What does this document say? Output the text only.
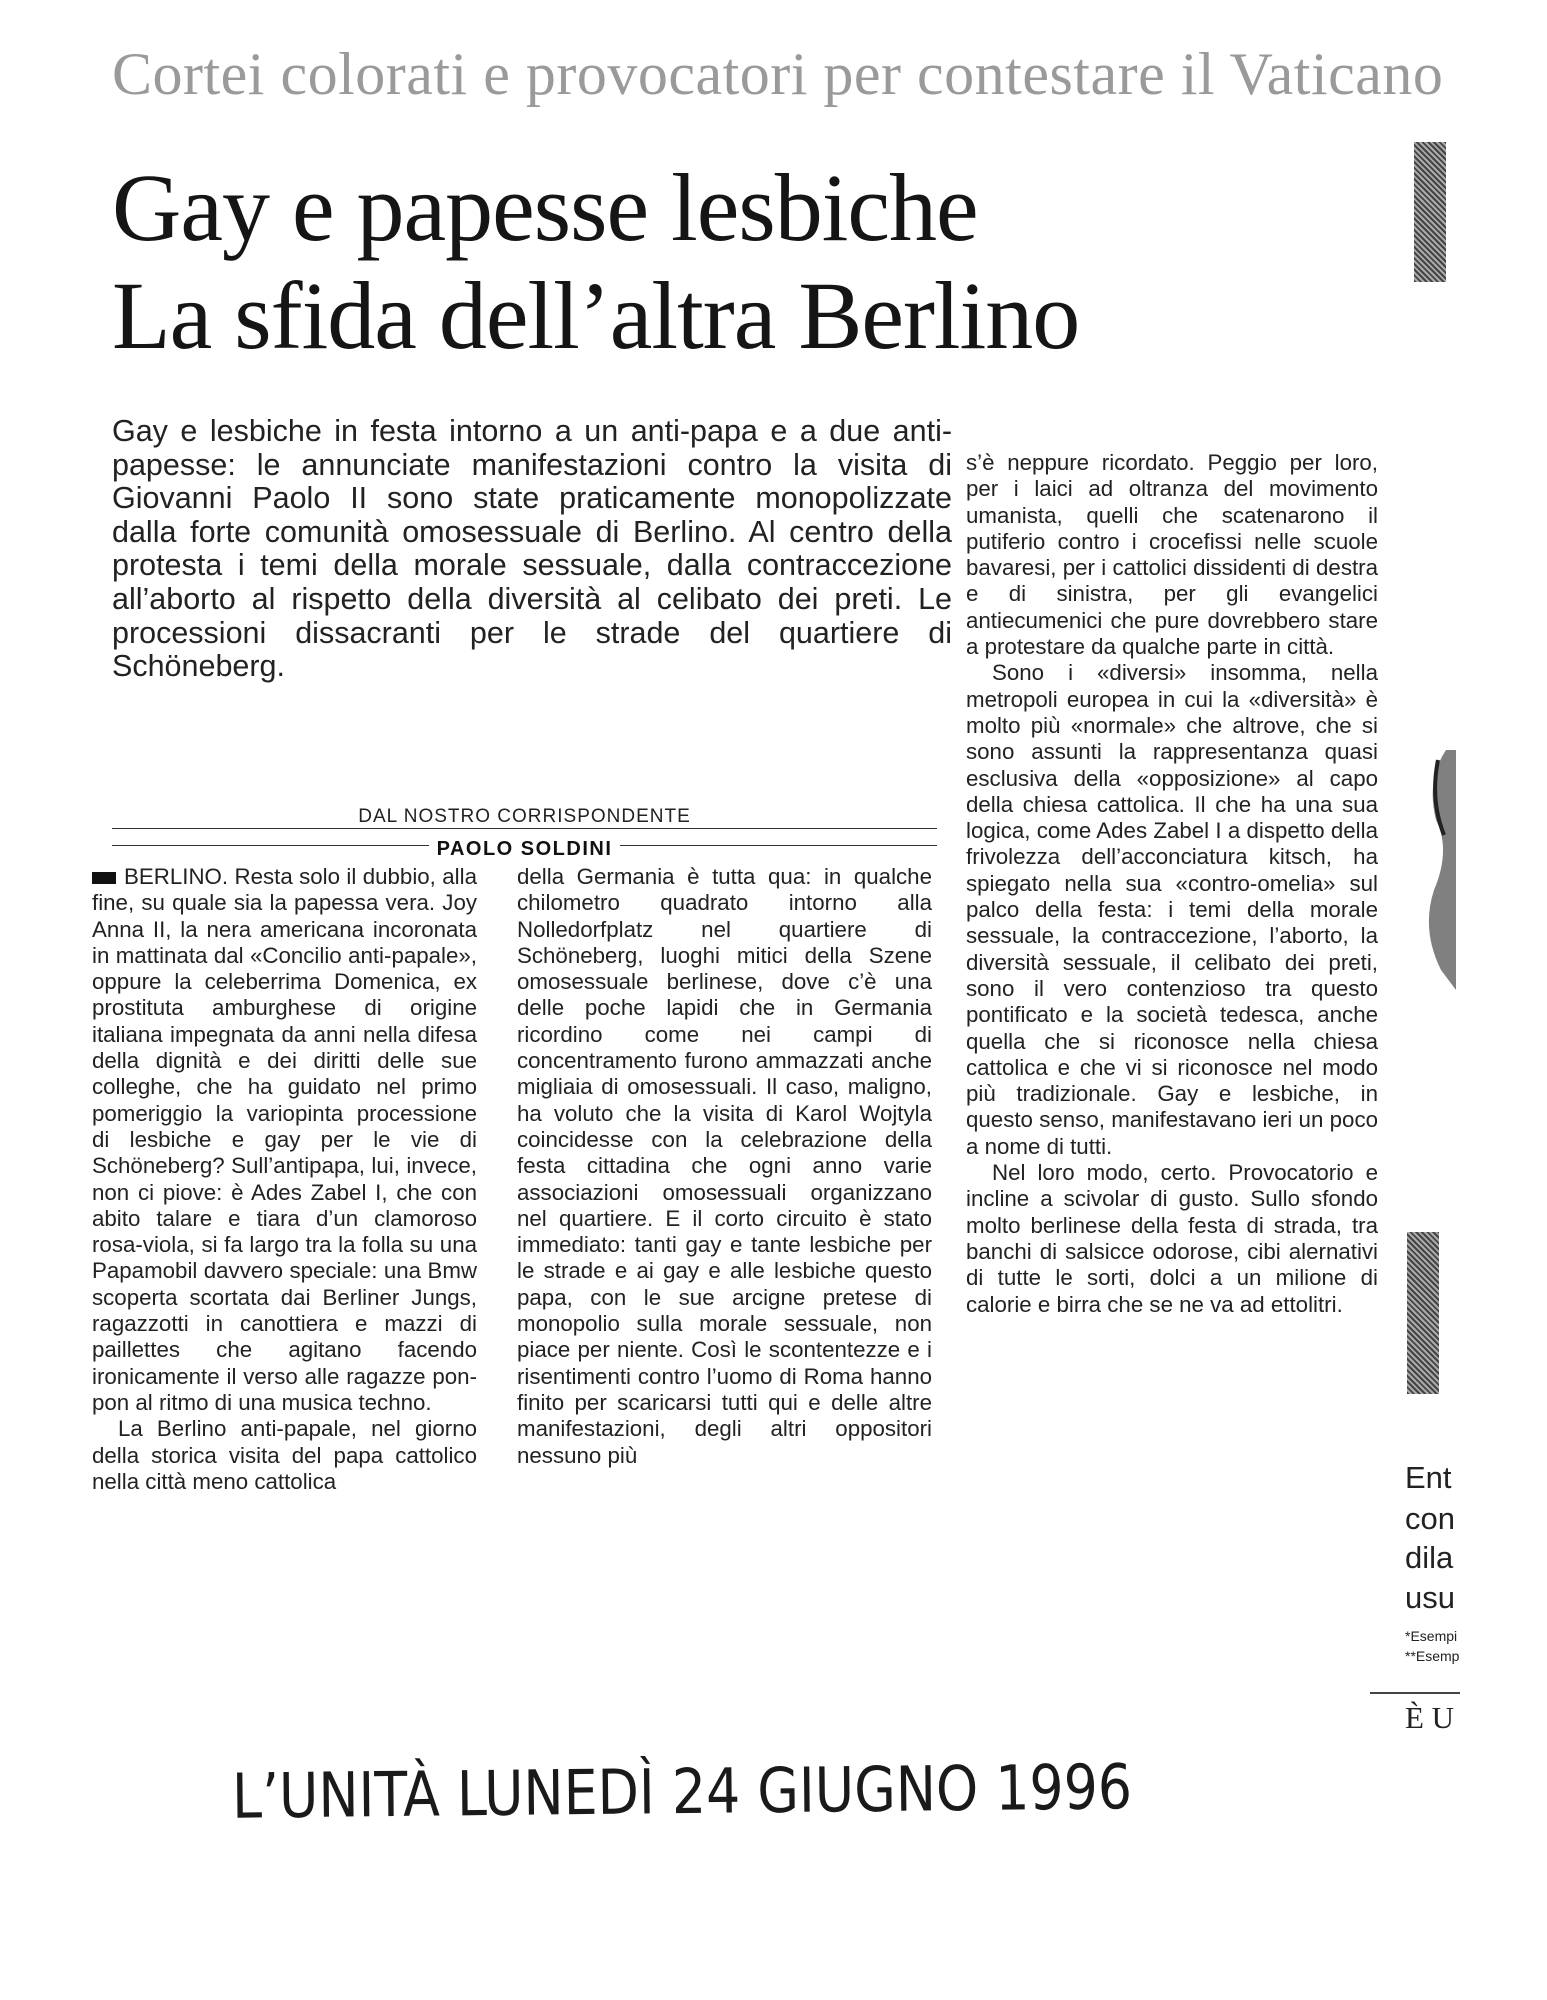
Cortei colorati e provocatori per contestare il Vaticano
Gay e papesse lesbiche
La sfida dell’altra Berlino

Gay e lesbiche in festa intorno a un anti-papa e a due anti-papesse: le annunciate manifestazioni contro la visita di Giovanni Paolo II sono state praticamente monopolizzate dalla forte comunità omosessuale di Berlino. Al centro della protesta i temi della morale sessuale, dalla contraccezione all’aborto al rispetto della diversità al celibato dei preti. Le processioni dissacranti per le strade del quartiere di Schöneberg.

DAL NOSTRO CORRISPONDENTE
PAOLO SOLDINI

BERLINO. Resta solo il dubbio, alla fine, su quale sia la papessa vera. Joy Anna II, la nera americana incoronata in mattinata dal «Concilio anti-papale», oppure la celeberrima Domenica, ex prostituta amburghese di origine italiana impegnata da anni nella difesa della dignità e dei diritti delle sue colleghe, che ha guidato nel primo pomeriggio la variopinta processione di lesbiche e gay per le vie di Schöneberg? Sull’antipapa, lui, invece, non ci piove: è Ades Zabel I, che con abito talare e tiara d’un clamoroso rosa-viola, si fa largo tra la folla su una Papamobil davvero speciale: una Bmw scoperta scortata dai Berliner Jungs, ragazzotti in canottiera e mazzi di paillettes che agitano facendo ironicamente il verso alle ragazze pon-pon al ritmo di una musica techno.

La Berlino anti-papale, nel giorno della storica visita del papa cattolico nella città meno cattolica

della Germania è tutta qua: in qualche chilometro quadrato intorno alla Nolledorfplatz nel quartiere di Schöneberg, luoghi mitici della Szene omosessuale berlinese, dove c’è una delle poche lapidi che in Germania ricordino come nei campi di concentramento furono ammazzati anche migliaia di omosessuali. Il caso, maligno, ha voluto che la visita di Karol Wojtyla coincidesse con la celebrazione della festa cittadina che ogni anno varie associazioni omosessuali organizzano nel quartiere. E il corto circuito è stato immediato: tanti gay e tante lesbiche per le strade e ai gay e alle lesbiche questo papa, con le sue arcigne pretese di monopolio sulla morale sessuale, non piace per niente. Così le scontentezze e i risentimenti contro l’uomo di Roma hanno finito per scaricarsi tutti qui e delle altre manifestazioni, degli altri oppositori nessuno più

s’è neppure ricordato. Peggio per loro, per i laici ad oltranza del movimento umanista, quelli che scatenarono il putiferio contro i crocefissi nelle scuole bavaresi, per i cattolici dissidenti di destra e di sinistra, per gli evangelici antiecumenici che pure dovrebbero stare a protestare da qualche parte in città.

Sono i «diversi» insomma, nella metropoli europea in cui la «diversità» è molto più «normale» che altrove, che si sono assunti la rappresentanza quasi esclusiva della «opposizione» al capo della chiesa cattolica. Il che ha una sua logica, come Ades Zabel I a dispetto della frivolezza dell’acconciatura kitsch, ha spiegato nella sua «contro-omelia» sul palco della festa: i temi della morale sessuale, la contraccezione, l’aborto, la diversità sessuale, il celibato dei preti, sono il vero contenzioso tra questo pontificato e la società tedesca, anche quella che si riconosce nella chiesa cattolica e che vi si riconosce nel modo più tradizionale. Gay e lesbiche, in questo senso, manifestavano ieri un poco a nome di tutti.

Nel loro modo, certo. Provocatorio e incline a scivolar di gusto. Sullo sfondo molto berlinese della festa di strada, tra banchi di salsicce odorose, cibi alernativi di tutte le sorti, dolci a un milione di calorie e birra che se ne va ad ettolitri.

Ent
con
dila
usu
*Esempi
**Esemp
È U
L’UNITÀ LUNEDÌ 24 GIUGNO 1996
